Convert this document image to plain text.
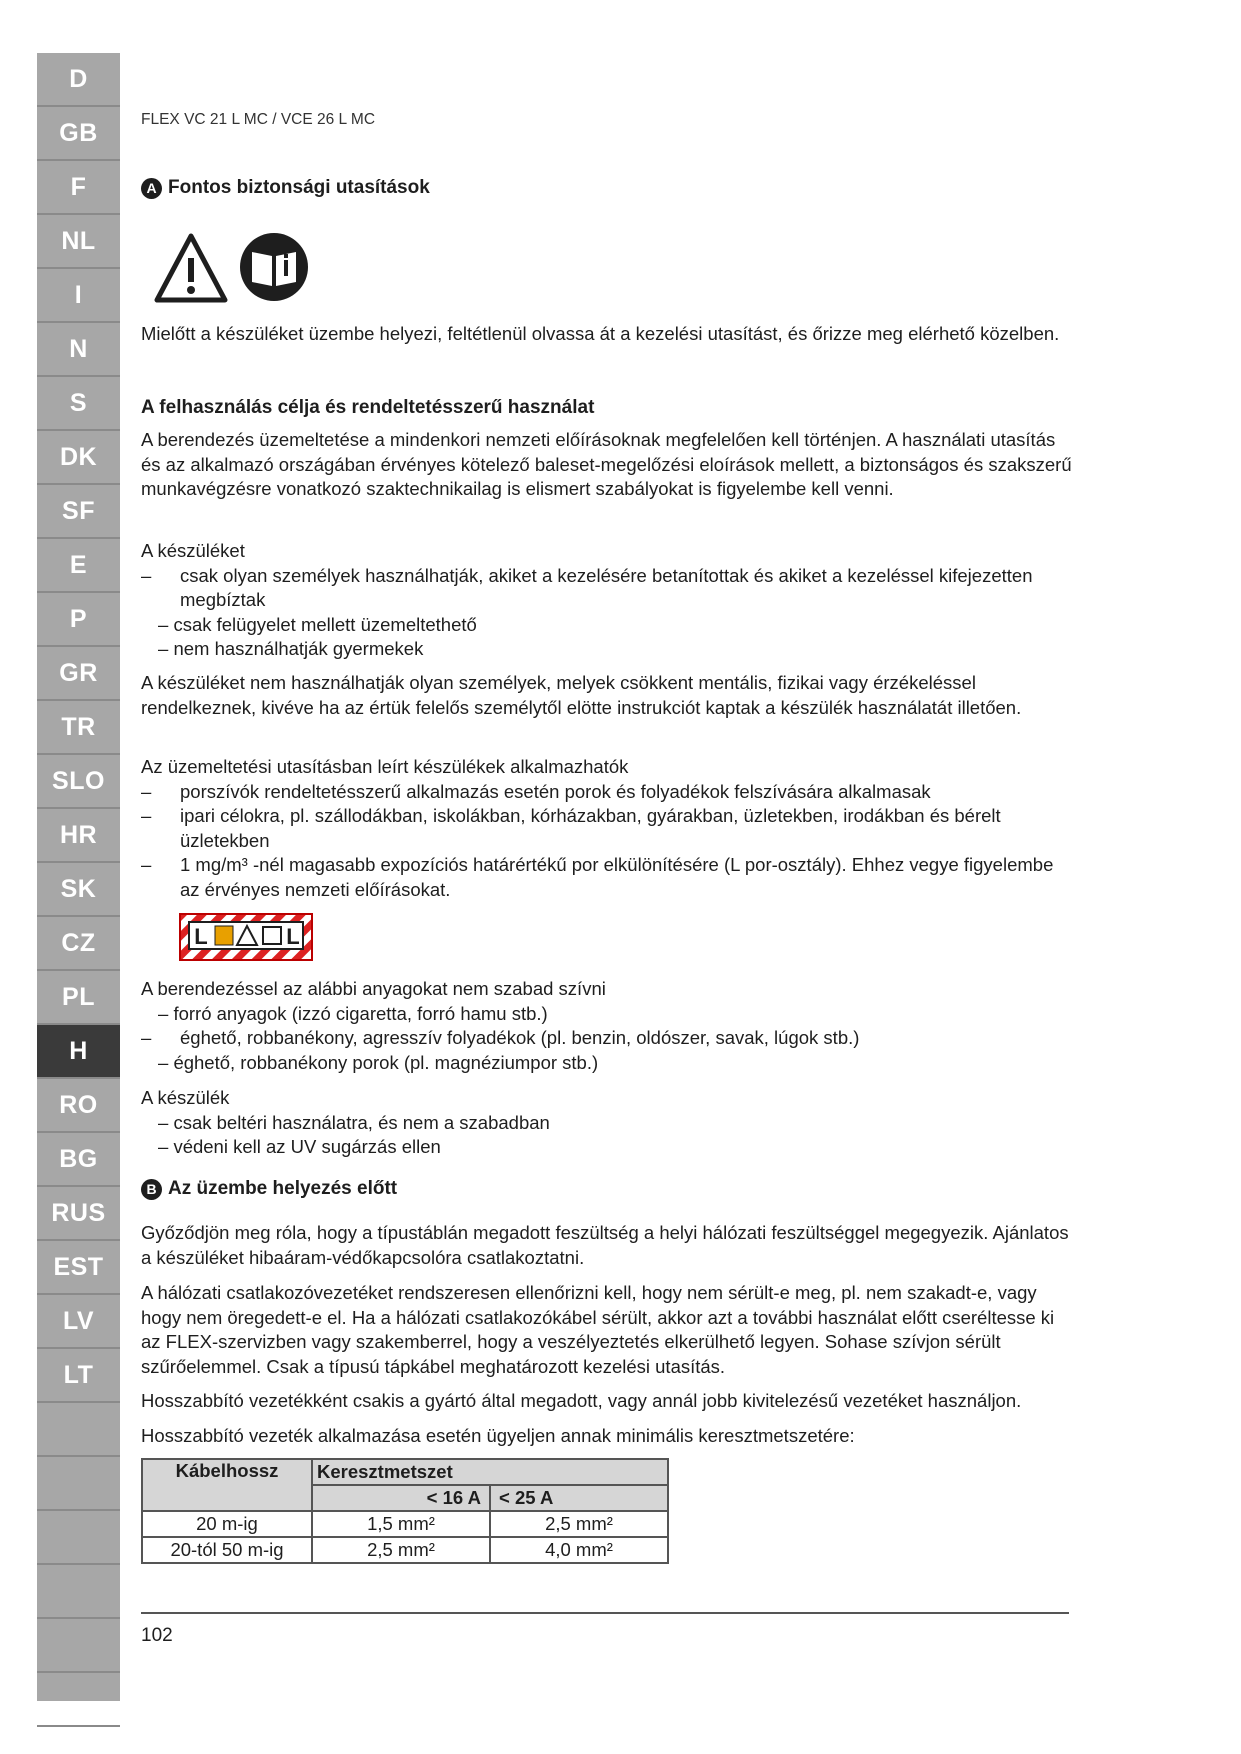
D
GB
F
NL
I
N
S
DK
SF
E
P
GR
TR
SLO
HR
SK
CZ
PL
H
RO
BG
RUS
EST
LV
LT
FLEX VC 21 L MC / VCE 26 L MC
A Fontos biztonsági utasítások

Mielőtt a készüléket üzembe helyezi, feltétlenül olvassa át a kezelési utasítást, és őrizze meg elérhető közelben.

A felhasználás célja és rendeltetésszerű használat

A berendezés üzemeltetése a mindenkori nemzeti előírásoknak megfelelően kell történjen. A használati utasítás és az alkalmazó országában érvényes kötelező baleset-megelőzési eloírások mellett, a biztonságos és szakszerű munkavégzésre vonatkozó szaktechnikailag is elismert szabályokat is figyelembe kell venni.

A készüléket

– csak olyan személyek használhatják, akiket a kezelésére betanítottak és akiket a kezeléssel kifejezetten megbíztak
– csak felügyelet mellett üzemeltethető
– nem használhatják gyermekek

A készüléket nem használhatják olyan személyek, melyek csökkent mentális, fizikai vagy érzékeléssel rendelkeznek, kivéve ha az értük felelős személytől elötte instrukciót kaptak a készülék használatát illetően.

Az üzemeltetési utasításban leírt készülékek alkalmazhatók

– porszívók rendeltetésszerű alkalmazás esetén porok és folyadékok felszívására alkalmasak
– ipari célokra, pl. szállodákban, iskolákban, kórházakban, gyárakban, üzletekben, irodákban és bérelt üzletekben
– 1 mg/m³ -nél magasabb expozíciós határértékű por elkülönítésére (L por-osztály). Ehhez vegye figyelembe az érvényes nemzeti előírásokat.
L	L

A berendezéssel az alábbi anyagokat nem szabad szívni

– forró anyagok (izzó cigaretta, forró hamu stb.)
– éghető, robbanékony, agresszív folyadékok (pl. benzin, oldószer, savak, lúgok stb.)
– éghető, robbanékony porok (pl. magnéziumpor stb.)

A készülék

– csak beltéri használatra, és nem a szabadban
– védeni kell az UV sugárzás ellen
B Az üzembe helyezés előtt

Győződjön meg róla, hogy a típustáblán megadott feszültség a helyi hálózati feszültséggel megegyezik. Ajánlatos a készüléket hibaáram-védőkapcsolóra csatlakoztatni.

A hálózati csatlakozóvezetéket rendszeresen ellenőrizni kell, hogy nem sérült-e meg, pl. nem szakadt-e, vagy hogy nem öregedett-e el. Ha a hálózati csatlakozókábel sérült, akkor azt a további használat előtt cseréltesse ki az FLEX-szervizben vagy szakemberrel, hogy a veszélyeztetés elkerülhető legyen. Sohase szívjon sérült szűrőelemmel. Csak a típusú tápkábel meghatározott kezelési utasítás.

Hosszabbító vezetékként csakis a gyártó által megadott, vagy annál jobb kivitelezésű vezetéket használjon.

Hosszabbító vezeték alkalmazása esetén ügyeljen annak minimális keresztmetszetére:

Kábelhossz	Keresztmetszet	
	< 16 A	< 25 A
20 m-ig	1,5 mm²	2,5 mm²
20-tól 50 m-ig	2,5 mm²	4,0 mm²
102
